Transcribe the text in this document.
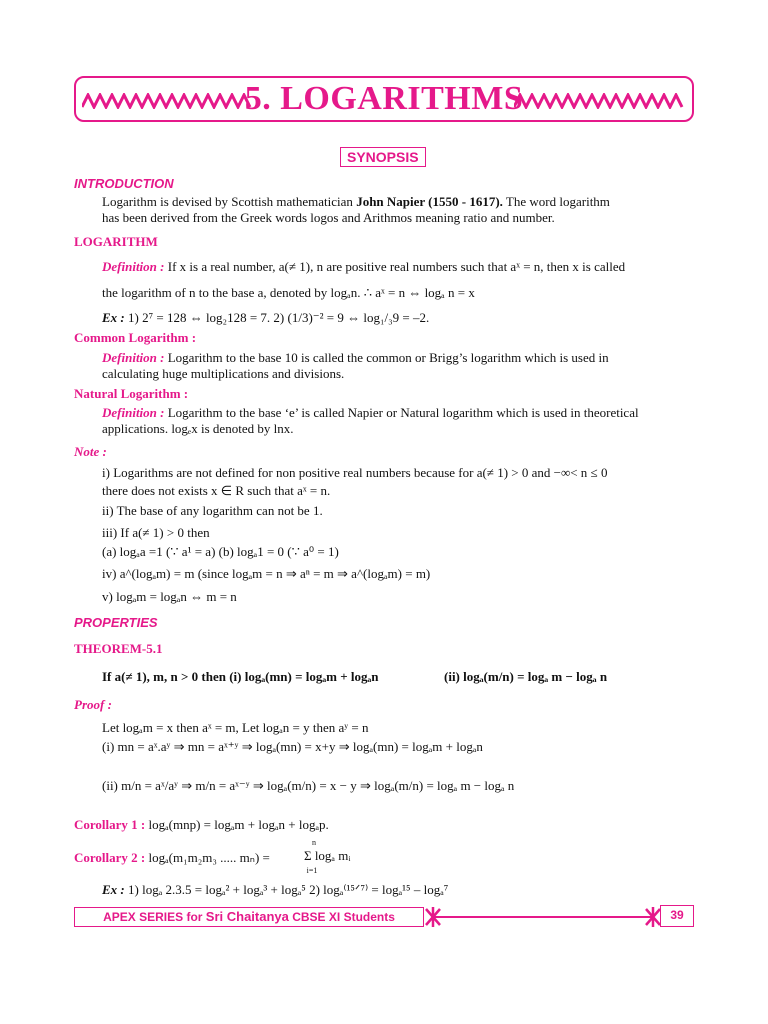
5. LOGARITHMS
SYNOPSIS
INTRODUCTION
Logarithm is devised by Scottish mathematician John Napier (1550 - 1617). The word logarithm
has been derived from the Greek words logos and Arithmos meaning ratio and number.
LOGARITHM
Definition : If x is a real number, a(≠ 1), n are positive real numbers such that aˣ = n, then x is called
the logarithm of n to the base a, denoted by logₐn. ∴ aˣ = n ⇔ logₐ n = x
Ex : 1) 2⁷ = 128 ⇔ log₂128 = 7. 2) (1/3)⁻² = 9 ⇔ log₁/₃9 = –2.
Common Logarithm :
Definition : Logarithm to the base 10 is called the common or Brigg’s logarithm which is used in
calculating huge multiplications and divisions.
Natural Logarithm :
Definition : Logarithm to the base ‘e’ is called Napier or Natural logarithm which is used in theoretical
applications. logₑx is denoted by lnx.
Note :
i) Logarithms are not defined for non positive real numbers because for a(≠ 1) > 0 and −∞< n ≤ 0
there does not exists x ∈ R such that aˣ = n.
ii) The base of any logarithm can not be 1.
iii) If a(≠ 1) > 0 then
(a) logₐa =1 (∵ a¹ = a) (b) logₐ1 = 0 (∵ a⁰ = 1)
iv) a^(logₐm) = m (since logₐm = n ⇒ aⁿ = m ⇒ a^(logₐm) = m)
v) logₐm = logₐn ⇔ m = n
PROPERTIES
THEOREM-5.1
If a(≠ 1), m, n > 0 then (i) logₐ(mn) = logₐm + logₐn	(ii) logₐ(m/n) = logₐ m − logₐ n
Proof :
Let logₐm = x then aˣ = m, Let logₐn = y then aʸ = n
(i) mn = aˣ.aʸ ⇒ mn = aˣ⁺ʸ ⇒ logₐ(mn) = x+y ⇒ logₐ(mn) = logₐm + logₐn
(ii) m/n = aˣ/aʸ ⇒ m/n = aˣ⁻ʸ ⇒ logₐ(m/n) = x − y ⇒ logₐ(m/n) = logₐ m − logₐ n
Corollary 1 : logₐ(mnp) = logₐm + logₐn + logₐp.
Corollary 2 : logₐ(m₁m₂m₃ ..... mₙ) =
n
Σ logₐ mᵢ
i=1
Ex : 1) logₐ 2.3.5 = logₐ² + logₐ³ + logₐ⁵ 2) logₐ⁽¹⁵ᐟ⁷⁾ = logₐ¹⁵ – logₐ⁷
APEX SERIES for Sri Chaitanya CBSE XI Students	39
